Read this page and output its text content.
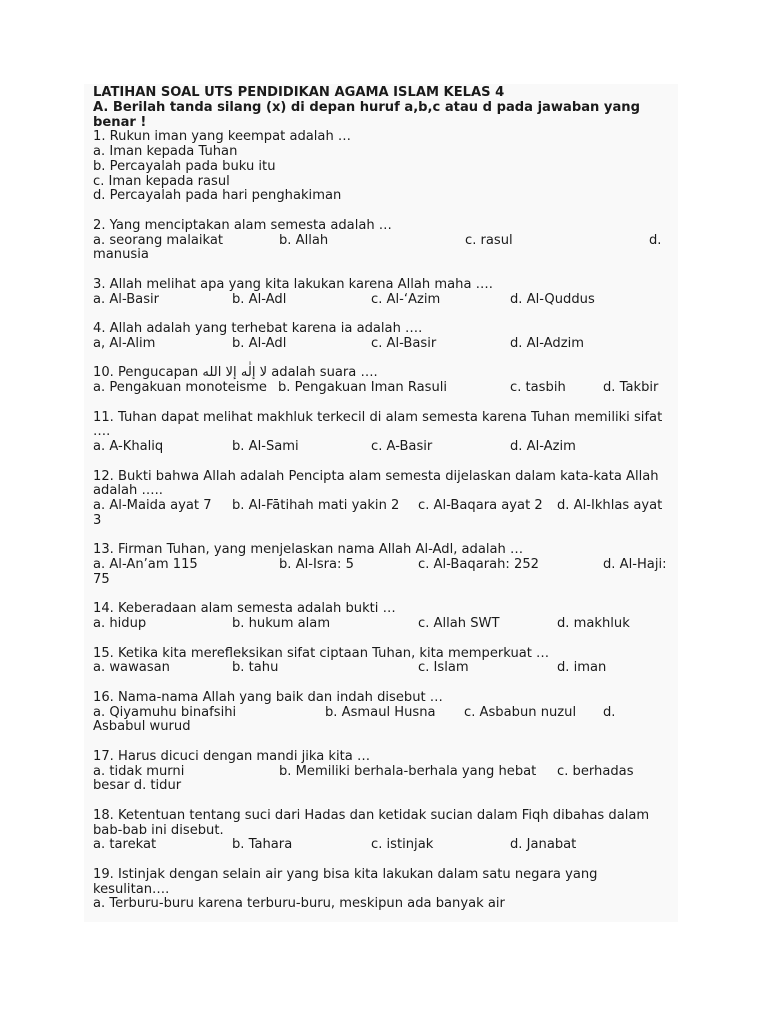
LATIHAN SOAL UTS PENDIDIKAN AGAMA ISLAM KELAS 4
A. Berilah tanda silang (x) di depan huruf a,b,c atau d pada jawaban yang benar !
1. Rukun iman yang keempat adalah …
a. Iman kepada Tuhan
b. Percayalah pada buku itu
c. Iman kepada rasul
d. Percayalah pada hari penghakiman
2. Yang menciptakan alam semesta adalah …
a. seorang malaikat	b. Allah	c. rasul	d.
manusia
3. Allah melihat apa yang kita lakukan karena Allah maha ….
a. Al-Basir	b. Al-Adl	c. Al-‘Azim	d. Al-Quddus
4. Allah adalah yang terhebat karena ia adalah ….
a, Al-Alim	b. Al-Adl	c. Al-Basir	d. Al-Adzim
10. Pengucapan لا إلٰه إلا الله adalah suara ….
a. Pengakuan monoteisme b. Pengakuan Iman Rasuli	c. tasbih	d. Takbir
11. Tuhan dapat melihat makhluk terkecil di alam semesta karena Tuhan memiliki sifat ….
a. A-Khaliq	b. Al-Sami	c. A-Basir	d. Al-Azim
12. Bukti bahwa Allah adalah Pencipta alam semesta dijelaskan dalam kata-kata Allah adalah …..
a. Al-Maida ayat 7 b. Al-Fātihah mati yakin 2 c. Al-Baqara ayat 2 d. Al-Ikhlas ayat
3
13. Firman Tuhan, yang menjelaskan nama Allah Al-Adl, adalah …
a. Al-An’am 115	b. Al-Isra: 5	c. Al-Baqarah: 252	d. Al-Haji:
75
14. Keberadaan alam semesta adalah bukti …
a. hidup	b. hukum alam	c. Allah SWT	d. makhluk
15. Ketika kita merefleksikan sifat ciptaan Tuhan, kita memperkuat …
a. wawasan	b. tahu	c. Islam	d. iman
16. Nama-nama Allah yang baik dan indah disebut …
a. Qiyamuhu binafsihi	b. Asmaul Husna c. Asbabun nuzul d.
Asbabul wurud
17. Harus dicuci dengan mandi jika kita …
a. tidak murni	b. Memiliki berhala-berhala yang hebat c. berhadas
besar d. tidur
18. Ketentuan tentang suci dari Hadas dan ketidak sucian dalam Fiqh dibahas dalam bab-bab ini disebut.
a. tarekat	b. Tahara	c. istinjak	d. Janabat
19. Istinjak dengan selain air yang bisa kita lakukan dalam satu negara yang kesulitan….
a. Terburu-buru karena terburu-buru, meskipun ada banyak air
